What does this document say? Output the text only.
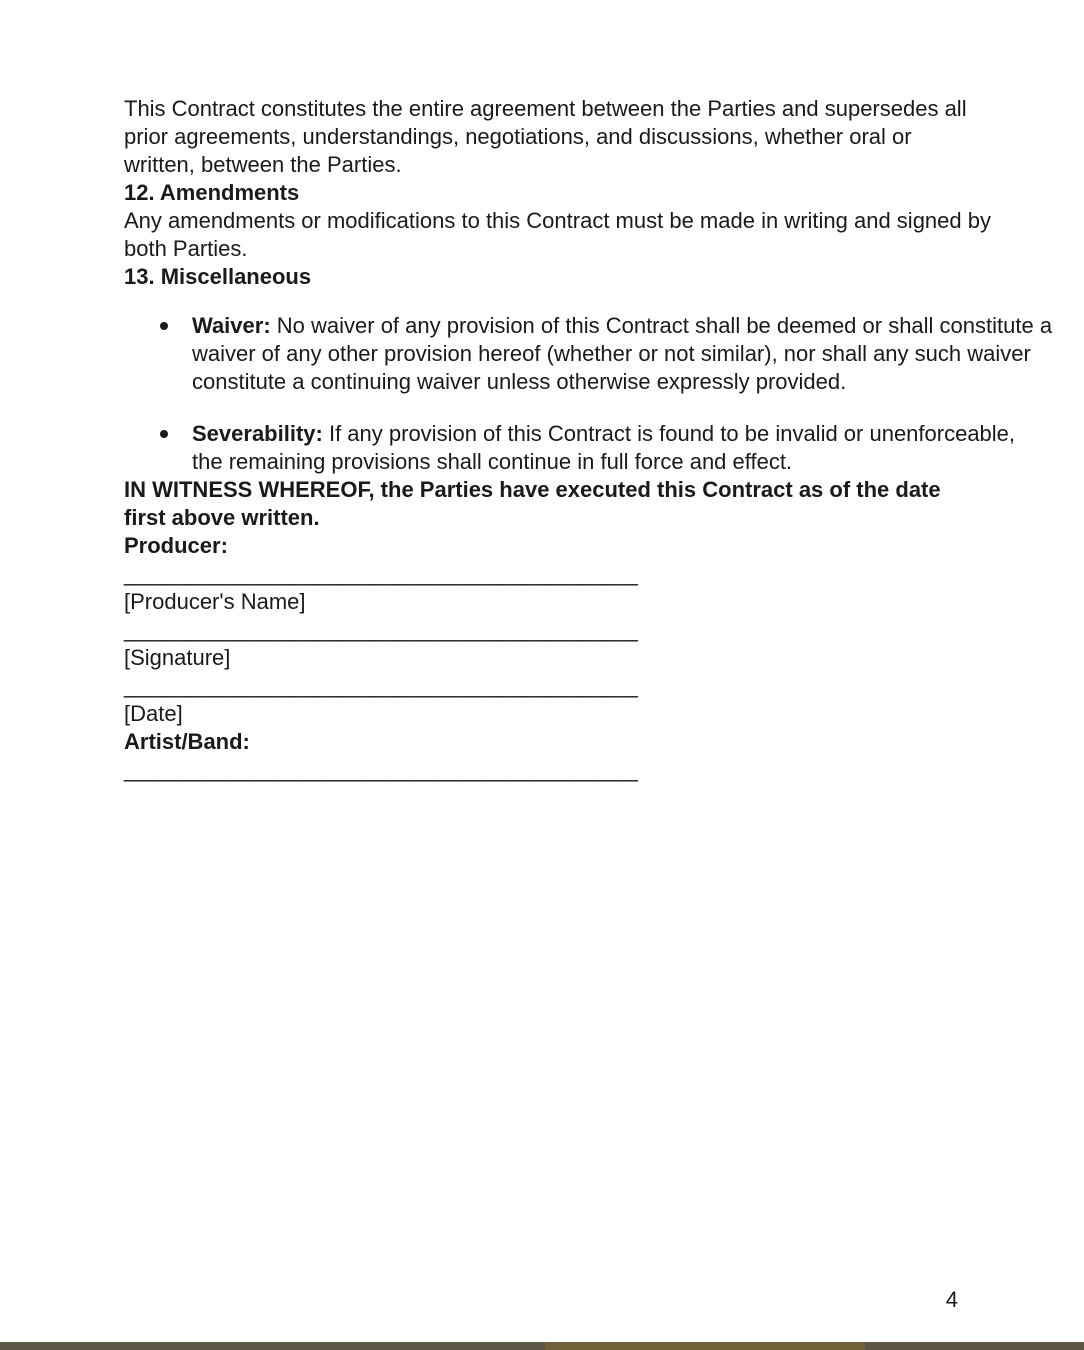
This Contract constitutes the entire agreement between the Parties and supersedes all prior agreements, understandings, negotiations, and discussions, whether oral or written, between the Parties.

12. Amendments

Any amendments or modifications to this Contract must be made in writing and signed by both Parties.

13. Miscellaneous
Waiver: No waiver of any provision of this Contract shall be deemed or shall constitute a waiver of any other provision hereof (whether or not similar), nor shall any such waiver constitute a continuing waiver unless otherwise expressly provided.
Severability: If any provision of this Contract is found to be invalid or unenforceable, the remaining provisions shall continue in full force and effect.

IN WITNESS WHEREOF, the Parties have executed this Contract as of the date first above written.

Producer:

__________________________________________

[Producer's Name]

__________________________________________

[Signature]

__________________________________________

[Date]

Artist/Band:

__________________________________________
4
